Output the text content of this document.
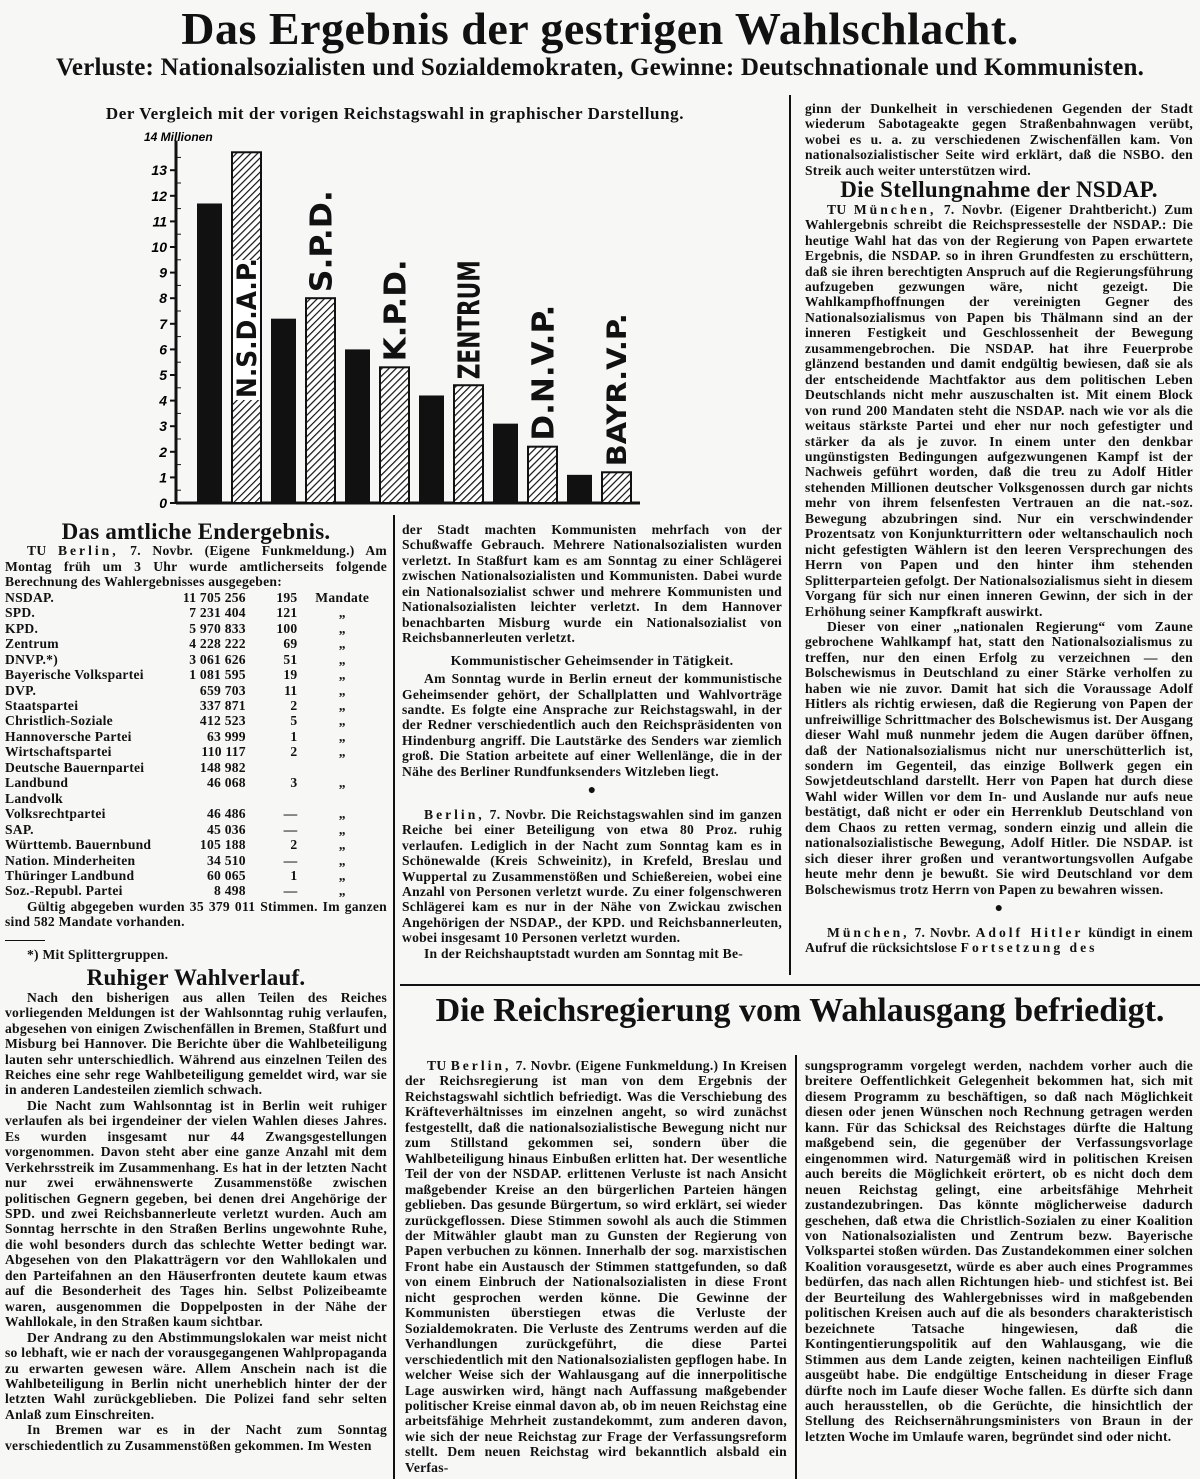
Das Ergebnis der gestrigen Wahlschlacht.
Verluste: Nationalsozialisten und Sozialdemokraten, Gewinne: Deutschnationale und Kommunisten.
Der Vergleich mit der vorigen Reichstagswahl in graphischer Darstellung.
14 Millionen
0
1
2
3
4
5
6
7
8
9
10
11
12
13
N.S.D.A.P.
S.P.D.
K.P.D. ZENTRUM D.N.V.P. BAYR.V.P.
Das amtliche Endergebnis.

TU Berlin, 7. Novbr. (Eigene Funkmeldung.) Am Montag früh um 3 Uhr wurde amtlicherseits folgende Berechnung des Wahlergebnisses ausgegeben:

NSDAP.	11 705 256	195	Mandate
SPD.	7 231 404	121	„
KPD.	5 970 833	100	„
Zentrum	4 228 222	69	„
DNVP.*)	3 061 626	51	„
Bayerische Volkspartei	1 081 595	19	„
DVP.	659 703	11	„
Staatspartei	337 871	2	„
Christlich-Soziale	412 523	5	„
Hannoversche Partei	63 999	1	„
Wirtschaftspartei	110 117	2	„
Deutsche Bauernpartei	148 982		
Landbund	46 068	3	„
Landvolk			
Volksrechtpartei	46 486	—	„
SAP.	45 036	—	„
Württemb. Bauernbund	105 188	2	„
Nation. Minderheiten	34 510	—	„
Thüringer Landbund	60 065	1	„
Soz.-Republ. Partei	8 498	—	„

Gültig abgegeben wurden 35 379 011 Stimmen. Im ganzen sind 582 Mandate vorhanden.

*) Mit Splittergruppen.

Ruhiger Wahlverlauf.

Nach den bisherigen aus allen Teilen des Reiches vorliegenden Meldungen ist der Wahlsonntag ruhig verlaufen, abgesehen von einigen Zwischenfällen in Bremen, Staßfurt und Misburg bei Hannover. Die Berichte über die Wahlbeteiligung lauten sehr unterschiedlich. Während aus einzelnen Teilen des Reiches eine sehr rege Wahlbeteiligung gemeldet wird, war sie in anderen Landesteilen ziemlich schwach.

Die Nacht zum Wahlsonntag ist in Berlin weit ruhiger verlaufen als bei irgendeiner der vielen Wahlen dieses Jahres. Es wurden insgesamt nur 44 Zwangsgestellungen vorgenommen. Davon steht aber eine ganze Anzahl mit dem Verkehrsstreik im Zusammenhang. Es hat in der letzten Nacht nur zwei erwähnenswerte Zusammenstöße zwischen politischen Gegnern gegeben, bei denen drei Angehörige der SPD. und zwei Reichsbannerleute verletzt wurden. Auch am Sonntag herrschte in den Straßen Berlins ungewohnte Ruhe, die wohl besonders durch das schlechte Wetter bedingt war. Abgesehen von den Plakatträgern vor den Wahllokalen und den Parteifahnen an den Häuserfronten deutete kaum etwas auf die Besonderheit des Tages hin. Selbst Polizeibeamte waren, ausgenommen die Doppelposten in der Nähe der Wahllokale, in den Straßen kaum sichtbar.

Der Andrang zu den Abstimmungslokalen war meist nicht so lebhaft, wie er nach der vorausgegangenen Wahlpropaganda zu erwarten gewesen wäre. Allem Anschein nach ist die Wahlbeteiligung in Berlin nicht unerheblich hinter der der letzten Wahl zurückgeblieben. Die Polizei fand sehr selten Anlaß zum Einschreiten.

In Bremen war es in der Nacht zum Sonntag verschiedentlich zu Zusammenstößen gekommen. Im Westen

der Stadt machten Kommunisten mehrfach von der Schußwaffe Gebrauch. Mehrere Nationalsozialisten wurden verletzt. In Staßfurt kam es am Sonntag zu einer Schlägerei zwischen Nationalsozialisten und Kommunisten. Dabei wurde ein Nationalsozialist schwer und mehrere Kommunisten und Nationalsozialisten leichter verletzt. In dem Hannover benachbarten Misburg wurde ein Nationalsozialist von Reichsbannerleuten verletzt.

Kommunistischer Geheimsender in Tätigkeit.

Am Sonntag wurde in Berlin erneut der kommunistische Geheimsender gehört, der Schallplatten und Wahlvorträge sandte. Es folgte eine Ansprache zur Reichstagswahl, in der der Redner verschiedentlich auch den Reichspräsidenten von Hindenburg angriff. Die Lautstärke des Senders war ziemlich groß. Die Station arbeitete auf einer Wellenlänge, die in der Nähe des Berliner Rundfunksenders Witzleben liegt.

●

Berlin, 7. Novbr. Die Reichstagswahlen sind im ganzen Reiche bei einer Beteiligung von etwa 80 Proz. ruhig verlaufen. Lediglich in der Nacht zum Sonntag kam es in Schönewalde (Kreis Schweinitz), in Krefeld, Breslau und Wuppertal zu Zusammenstößen und Schießereien, wobei eine Anzahl von Personen verletzt wurde. Zu einer folgenschweren Schlägerei kam es nur in der Nähe von Zwickau zwischen Angehörigen der NSDAP., der KPD. und Reichsbannerleuten, wobei insgesamt 10 Personen verletzt wurden.

In der Reichshauptstadt wurden am Sonntag mit Be-

ginn der Dunkelheit in verschiedenen Gegenden der Stadt wiederum Sabotageakte gegen Straßenbahnwagen verübt, wobei es u. a. zu verschiedenen Zwischenfällen kam. Von nationalsozialistischer Seite wird erklärt, daß die NSBO. den Streik auch weiter unterstützen wird.

Die Stellungnahme der NSDAP.

TU München, 7. Novbr. (Eigener Drahtbericht.) Zum Wahlergebnis schreibt die Reichspressestelle der NSDAP.: Die heutige Wahl hat das von der Regierung von Papen erwartete Ergebnis, die NSDAP. so in ihren Grundfesten zu erschüttern, daß sie ihren berechtigten Anspruch auf die Regierungsführung aufzugeben gezwungen wäre, nicht gezeigt. Die Wahlkampfhoffnungen der vereinigten Gegner des Nationalsozialismus von Papen bis Thälmann sind an der inneren Festigkeit und Geschlossenheit der Bewegung zusammengebrochen. Die NSDAP. hat ihre Feuerprobe glänzend bestanden und damit endgültig bewiesen, daß sie als der entscheidende Machtfaktor aus dem politischen Leben Deutschlands nicht mehr auszuschalten ist. Mit einem Block von rund 200 Mandaten steht die NSDAP. nach wie vor als die weitaus stärkste Partei und eher nur noch gefestigter und stärker da als je zuvor. In einem unter den denkbar ungünstigsten Bedingungen aufgezwungenen Kampf ist der Nachweis geführt worden, daß die treu zu Adolf Hitler stehenden Millionen deutscher Volksgenossen durch gar nichts mehr von ihrem felsenfesten Vertrauen an die nat.-soz. Bewegung abzubringen sind. Nur ein verschwindender Prozentsatz von Konjunkturrittern oder weltanschaulich noch nicht gefestigten Wählern ist den leeren Versprechungen des Herrn von Papen und den hinter ihm stehenden Splitterparteien gefolgt. Der Nationalsozialismus sieht in diesem Vorgang für sich nur einen inneren Gewinn, der sich in der Erhöhung seiner Kampfkraft auswirkt.

Dieser von einer „nationalen Regierung“ vom Zaune gebrochene Wahlkampf hat, statt den Nationalsozialismus zu treffen, nur den einen Erfolg zu verzeichnen — den Bolschewismus in Deutschland zu einer Stärke verholfen zu haben wie nie zuvor. Damit hat sich die Voraussage Adolf Hitlers als richtig erwiesen, daß die Regierung von Papen der unfreiwillige Schrittmacher des Bolschewismus ist. Der Ausgang dieser Wahl muß nunmehr jedem die Augen darüber öffnen, daß der Nationalsozialismus nicht nur unerschütterlich ist, sondern im Gegenteil, das einzige Bollwerk gegen ein Sowjetdeutschland darstellt. Herr von Papen hat durch diese Wahl wider Willen vor dem In- und Auslande nur aufs neue bestätigt, daß nicht er oder ein Herrenklub Deutschland von dem Chaos zu retten vermag, sondern einzig und allein die nationalsozialistische Bewegung, Adolf Hitler. Die NSDAP. ist sich dieser ihrer großen und verantwortungsvollen Aufgabe heute mehr denn je bewußt. Sie wird Deutschland vor dem Bolschewismus trotz Herrn von Papen zu bewahren wissen.

●

München, 7. Novbr. Adolf Hitler kündigt in einem Aufruf die rücksichtslose Fortsetzung des

Die Reichsregierung vom Wahlausgang befriedigt.

TU Berlin, 7. Novbr. (Eigene Funkmeldung.) In Kreisen der Reichsregierung ist man von dem Ergebnis der Reichstagswahl sichtlich befriedigt. Was die Verschiebung des Kräfteverhältnisses im einzelnen angeht, so wird zunächst festgestellt, daß die nationalsozialistische Bewegung nicht nur zum Stillstand gekommen sei, sondern über die Wahlbeteiligung hinaus Einbußen erlitten hat. Der wesentliche Teil der von der NSDAP. erlittenen Verluste ist nach Ansicht maßgebender Kreise an den bürgerlichen Parteien hängen geblieben. Das gesunde Bürgertum, so wird erklärt, sei wieder zurückgeflossen. Diese Stimmen sowohl als auch die Stimmen der Mitwähler glaubt man zu Gunsten der Regierung von Papen verbuchen zu können. Innerhalb der sog. marxistischen Front habe ein Austausch der Stimmen stattgefunden, so daß von einem Einbruch der Nationalsozialisten in diese Front nicht gesprochen werden könne. Die Gewinne der Kommunisten überstiegen etwas die Verluste der Sozialdemokraten. Die Verluste des Zentrums werden auf die Verhandlungen zurückgeführt, die diese Partei verschiedentlich mit den Nationalsozialisten gepflogen habe. In welcher Weise sich der Wahlausgang auf die innerpolitische Lage auswirken wird, hängt nach Auffassung maßgebender politischer Kreise einmal davon ab, ob im neuen Reichstag eine arbeitsfähige Mehrheit zustandekommt, zum anderen davon, wie sich der neue Reichstag zur Frage der Verfassungsreform stellt. Dem neuen Reichstag wird bekanntlich alsbald ein Verfas-

sungsprogramm vorgelegt werden, nachdem vorher auch die breitere Oeffentlichkeit Gelegenheit bekommen hat, sich mit diesem Programm zu beschäftigen, so daß nach Möglichkeit diesen oder jenen Wünschen noch Rechnung getragen werden kann. Für das Schicksal des Reichstages dürfte die Haltung maßgebend sein, die gegenüber der Verfassungsvorlage eingenommen wird. Naturgemäß wird in politischen Kreisen auch bereits die Möglichkeit erörtert, ob es nicht doch dem neuen Reichstag gelingt, eine arbeitsfähige Mehrheit zustandezubringen. Das könnte möglicherweise dadurch geschehen, daß etwa die Christlich-Sozialen zu einer Koalition von Nationalsozialisten und Zentrum bezw. Bayerische Volkspartei stoßen würden. Das Zustandekommen einer solchen Koalition vorausgesetzt, würde es aber auch eines Programmes bedürfen, das nach allen Richtungen hieb- und stichfest ist. Bei der Beurteilung des Wahlergebnisses wird in maßgebenden politischen Kreisen auch auf die als besonders charakteristisch bezeichnete Tatsache hingewiesen, daß die Kontingentierungspolitik auf den Wahlausgang, wie die Stimmen aus dem Lande zeigten, keinen nachteiligen Einfluß ausgeübt habe. Die endgültige Entscheidung in dieser Frage dürfte noch im Laufe dieser Woche fallen. Es dürfte sich dann auch herausstellen, ob die Gerüchte, die hinsichtlich der Stellung des Reichsernährungsministers von Braun in der letzten Woche im Umlaufe waren, begründet sind oder nicht.
